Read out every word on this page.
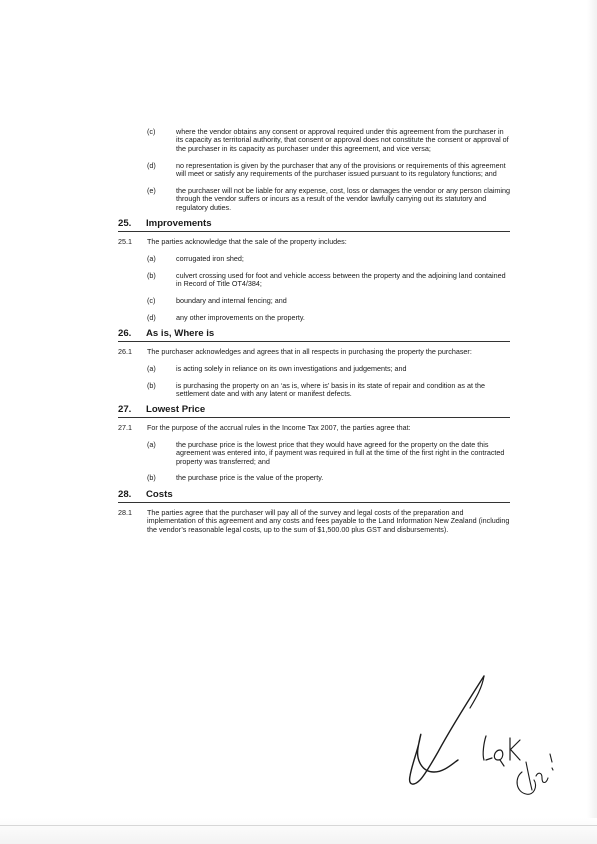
(c)	where the vendor obtains any consent or approval required under this agreement from the purchaser in its capacity as territorial authority, that consent or approval does not constitute the consent or approval of the purchaser in its capacity as purchaser under this agreement, and vice versa;
(d)	no representation is given by the purchaser that any of the provisions or requirements of this agreement will meet or satisfy any requirements of the purchaser issued pursuant to its regulatory functions; and
(e)	the purchaser will not be liable for any expense, cost, loss or damages the vendor or any person claiming through the vendor suffers or incurs as a result of the vendor lawfully carrying out its statutory and regulatory duties.
25.	Improvements
25.1	The parties acknowledge that the sale of the property includes:
(a)	corrugated iron shed;
(b)	culvert crossing used for foot and vehicle access between the property and the adjoining land contained in Record of Title OT4/384;
(c)	boundary and internal fencing; and
(d)	any other improvements on the property.
26.	As is, Where is
26.1	The purchaser acknowledges and agrees that in all respects in purchasing the property the purchaser:
(a)	is acting solely in reliance on its own investigations and judgements; and
(b)	is purchasing the property on an ‘as is, where is’ basis in its state of repair and condition as at the settlement date and with any latent or manifest defects.
27.	Lowest Price
27.1	For the purpose of the accrual rules in the Income Tax 2007, the parties agree that:
(a)	the purchase price is the lowest price that they would have agreed for the property on the date this agreement was entered into, if payment was required in full at the time of the first right in the contracted property was transferred; and
(b)	the purchase price is the value of the property.
28.	Costs
28.1	The parties agree that the purchaser will pay all of the survey and legal costs of the preparation and implementation of this agreement and any costs and fees payable to the Land Information New Zealand (including the vendor’s reasonable legal costs, up to the sum of $1,500.00 plus GST and disbursements).
